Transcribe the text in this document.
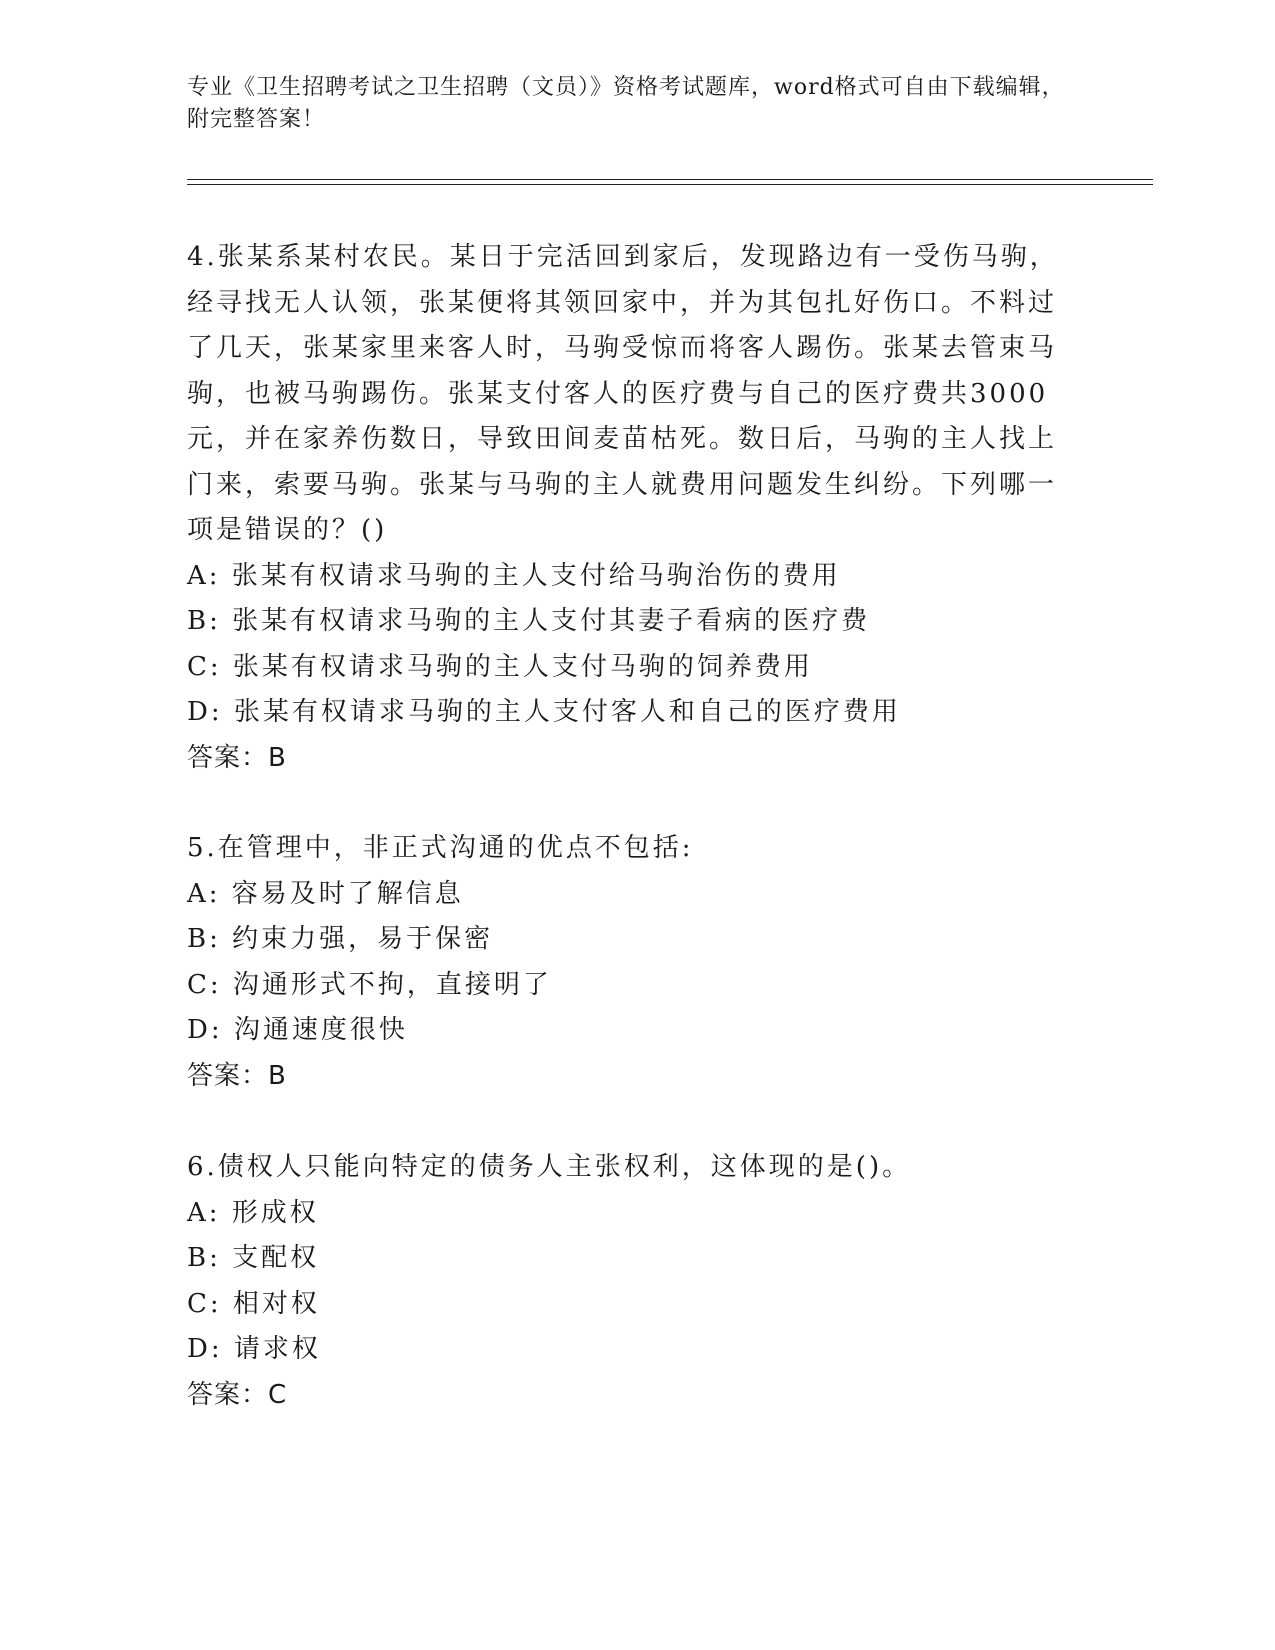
专业《卫生招聘考试之卫生招聘（文员）》资格考试题库，word格式可自由下载编辑，附完整答案！

4.张某系某村农民。某日于完活回到家后，发现路边有一受伤马驹，经寻找无人认领，张某便将其领回家中，并为其包扎好伤口。不料过了几天，张某家里来客人时，马驹受惊而将客人踢伤。张某去管束马驹，也被马驹踢伤。张某支付客人的医疗费与自己的医疗费共3000元，并在家养伤数日，导致田间麦苗枯死。数日后，马驹的主人找上门来，索要马驹。张某与马驹的主人就费用问题发生纠纷。下列哪一项是错误的？()

A: 张某有权请求马驹的主人支付给马驹治伤的费用

B: 张某有权请求马驹的主人支付其妻子看病的医疗费

C: 张某有权请求马驹的主人支付马驹的饲养费用

D: 张某有权请求马驹的主人支付客人和自己的医疗费用

答案：B

5.在管理中，非正式沟通的优点不包括:

A: 容易及时了解信息

B: 约束力强，易于保密

C: 沟通形式不拘，直接明了

D: 沟通速度很快

答案：B

6.债权人只能向特定的债务人主张权利，这体现的是()。

A: 形成权

B: 支配权

C: 相对权

D: 请求权

答案：C
